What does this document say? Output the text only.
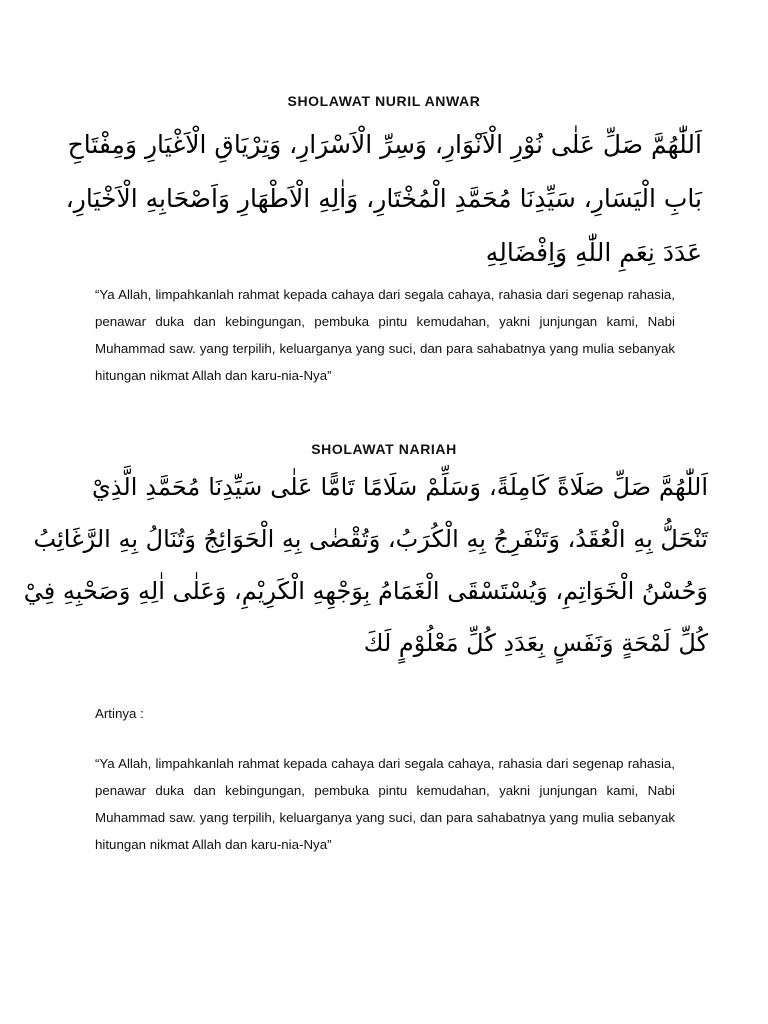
SHOLAWAT NURIL ANWAR
اَللّٰهُمَّ صَلِّ عَلٰى نُوْرِ الْاَنْوَارِ، وَسِرِّ الْاَسْرَارِ، وَتِرْيَاقِ الْاَغْيَارِ وَمِفْتَاحِ
بَابِ الْيَسَارِ، سَيِّدِنَا مُحَمَّدِ الْمُخْتَارِ، وَاٰلِهِ الْاَطْهَارِ وَاَصْحَابِهِ الْاَخْيَارِ،
عَدَدَ نِعَمِ اللّٰهِ وَاِفْضَالِهِ

“Ya Allah, limpahkanlah rahmat kepada cahaya dari segala cahaya, rahasia dari segenap rahasia, penawar duka dan kebingungan, pembuka pintu kemudahan, yakni junjungan kami, Nabi Muhammad saw. yang terpilih, keluarganya yang suci, dan para sahabatnya yang mulia sebanyak hitungan nikmat Allah dan karu-nia-Nya”

SHOLAWAT NARIAH
اَللّٰهُمَّ صَلِّ صَلَاةً كَامِلَةً، وَسَلِّمْ سَلَامًا تَامًّا عَلٰى سَيِّدِنَا مُحَمَّدِ الَّذِيْ
تَنْحَلُّ بِهِ الْعُقَدُ، وَتَنْفَرِجُ بِهِ الْكُرَبُ، وَتُقْضٰى بِهِ الْحَوَائِجُ وَتُنَالُ بِهِ الرَّغَائِبُ
وَحُسْنُ الْخَوَاتِمِ، وَيُسْتَسْقَى الْغَمَامُ بِوَجْهِهِ الْكَرِيْمِ، وَعَلٰى اٰلِهِ وَصَحْبِهِ فِيْ
كُلِّ لَمْحَةٍ وَنَفَسٍ بِعَدَدِ كُلِّ مَعْلُوْمٍ لَكَ

Artinya :

“Ya Allah, limpahkanlah rahmat kepada cahaya dari segala cahaya, rahasia dari segenap rahasia, penawar duka dan kebingungan, pembuka pintu kemudahan, yakni junjungan kami, Nabi Muhammad saw. yang terpilih, keluarganya yang suci, dan para sahabatnya yang mulia sebanyak hitungan nikmat Allah dan karu-nia-Nya”
